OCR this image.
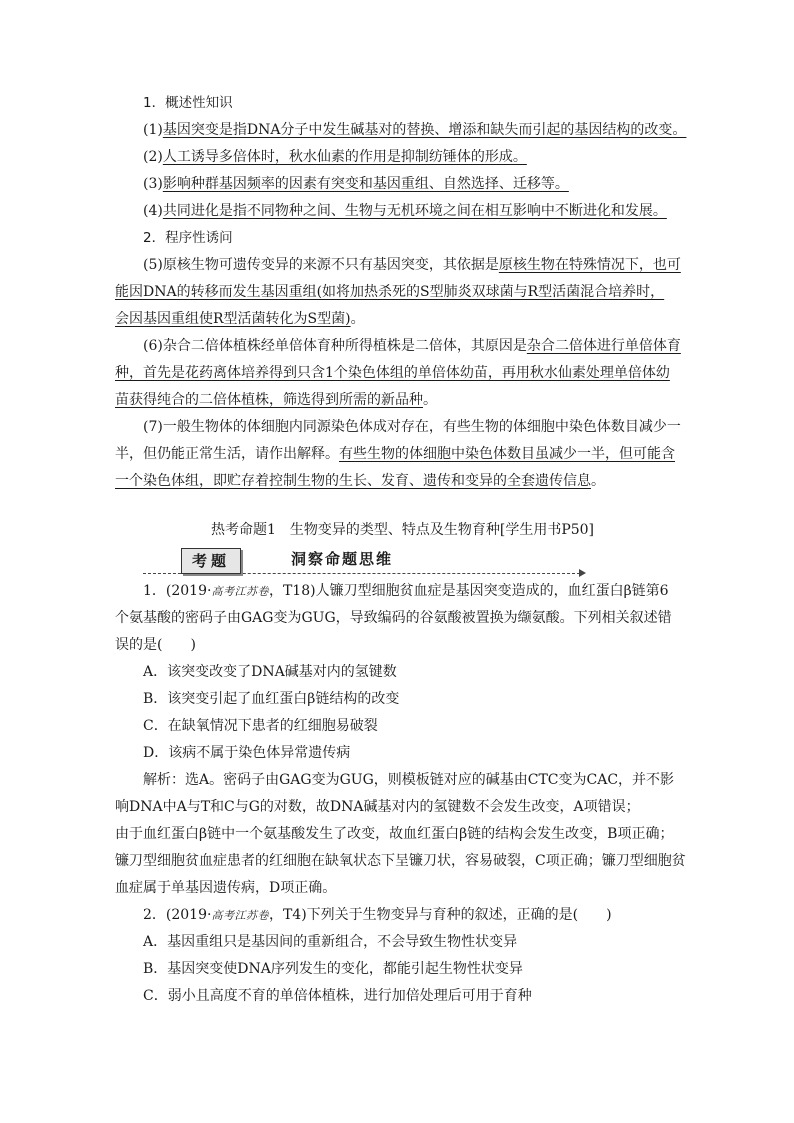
1．概述性知识
(1)基因突变是指DNA分子中发生碱基对的替换、增添和缺失而引起的基因结构的改变。
(2)人工诱导多倍体时，秋水仙素的作用是抑制纺锤体的形成。
(3)影响种群基因频率的因素有突变和基因重组、自然选择、迁移等。
(4)共同进化是指不同物种之间、生物与无机环境之间在相互影响中不断进化和发展。
2．程序性诱问
(5)原核生物可遗传变异的来源不只有基因突变，其依据是原核生物在特殊情况下，也可
能因DNA的转移而发生基因重组(如将加热杀死的S型肺炎双球菌与R型活菌混合培养时，
会因基因重组使R型活菌转化为S型菌)。
(6)杂合二倍体植株经单倍体育种所得植株是二倍体，其原因是杂合二倍体进行单倍体育
种，首先是花药离体培养得到只含1个染色体组的单倍体幼苗，再用秋水仙素处理单倍体幼
苗获得纯合的二倍体植株，筛选得到所需的新品种。
(7)一般生物体的体细胞内同源染色体成对存在，有些生物的体细胞中染色体数目减少一
半，但仍能正常生活，请作出解释。有些生物的体细胞中染色体数目虽减少一半，但可能含
一个染色体组，即贮存着控制生物的生长、发育、遗传和变异的全套遗传信息。
热考命题1　生物变异的类型、特点及生物育种[学生用书P50]
考题	洞察命题思维
1．(2019·高考江苏卷，T18)人镰刀型细胞贫血症是基因突变造成的，血红蛋白β链第6
个氨基酸的密码子由GAG变为GUG，导致编码的谷氨酸被置换为缬氨酸。下列相关叙述错
误的是(　　)
A．该突变改变了DNA碱基对内的氢键数
B．该突变引起了血红蛋白β链结构的改变
C．在缺氧情况下患者的红细胞易破裂
D．该病不属于染色体异常遗传病
解析：选A。密码子由GAG变为GUG，则模板链对应的碱基由CTC变为CAC，并不影
响DNA中A与T和C与G的对数，故DNA碱基对内的氢键数不会发生改变，A项错误；
由于血红蛋白β链中一个氨基酸发生了改变，故血红蛋白β链的结构会发生改变，B项正确；
镰刀型细胞贫血症患者的红细胞在缺氧状态下呈镰刀状，容易破裂，C项正确；镰刀型细胞贫
血症属于单基因遗传病，D项正确。
2．(2019·高考江苏卷，T4)下列关于生物变异与育种的叙述，正确的是(　　)
A．基因重组只是基因间的重新组合，不会导致生物性状变异
B．基因突变使DNA序列发生的变化，都能引起生物性状变异
C．弱小且高度不育的单倍体植株，进行加倍处理后可用于育种
